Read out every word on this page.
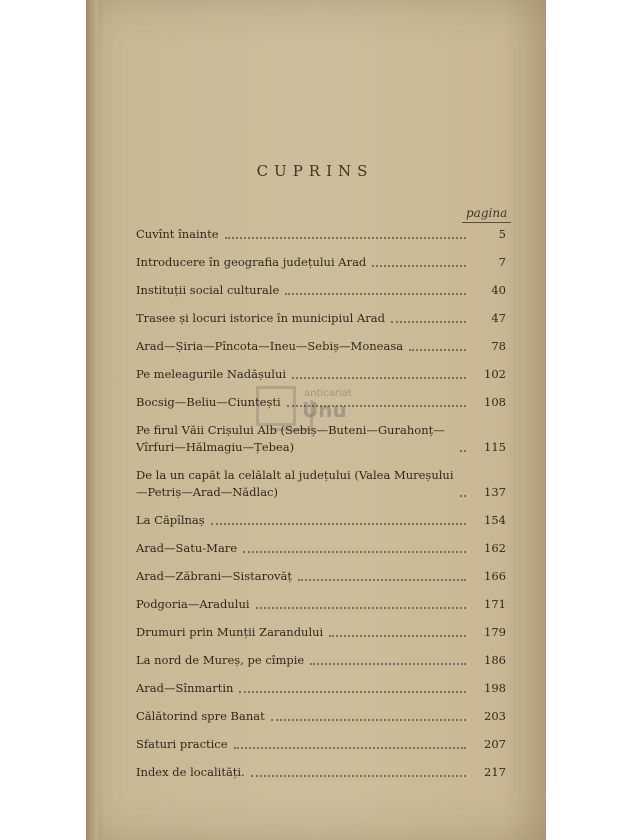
CUPRINS
pagina
anticariat
Unu
Cuvînt înainte	5
Introducere în geografia județului Arad	7
Instituții social culturale	40
Trasee și locuri istorice în municipiul Arad	47
Arad—Șiria—Pîncota—Ineu—Sebiș—Moneasa	78
Pe meleagurile Nadășului	102
Bocsig—Beliu—Ciuntești	108
Pe firul Văii Crișului Alb (Sebiș—Buteni—Gurahonț—Vîrfuri—Hălmagiu—Țebea)	115
De la un capăt la celălalt al județului (Valea Mureșului —Petriș—Arad—Nădlac)	137
La Căpîlnaș	154
Arad—Satu-Mare	162
Arad—Zăbrani—Sistarovăț	166
Podgoria—Aradului	171
Drumuri prin Munții Zarandului	179
La nord de Mureș, pe cîmpie	186
Arad—Sînmartin	198
Călătorind spre Banat	203
Sfaturi practice	207
Index de localități.	217
